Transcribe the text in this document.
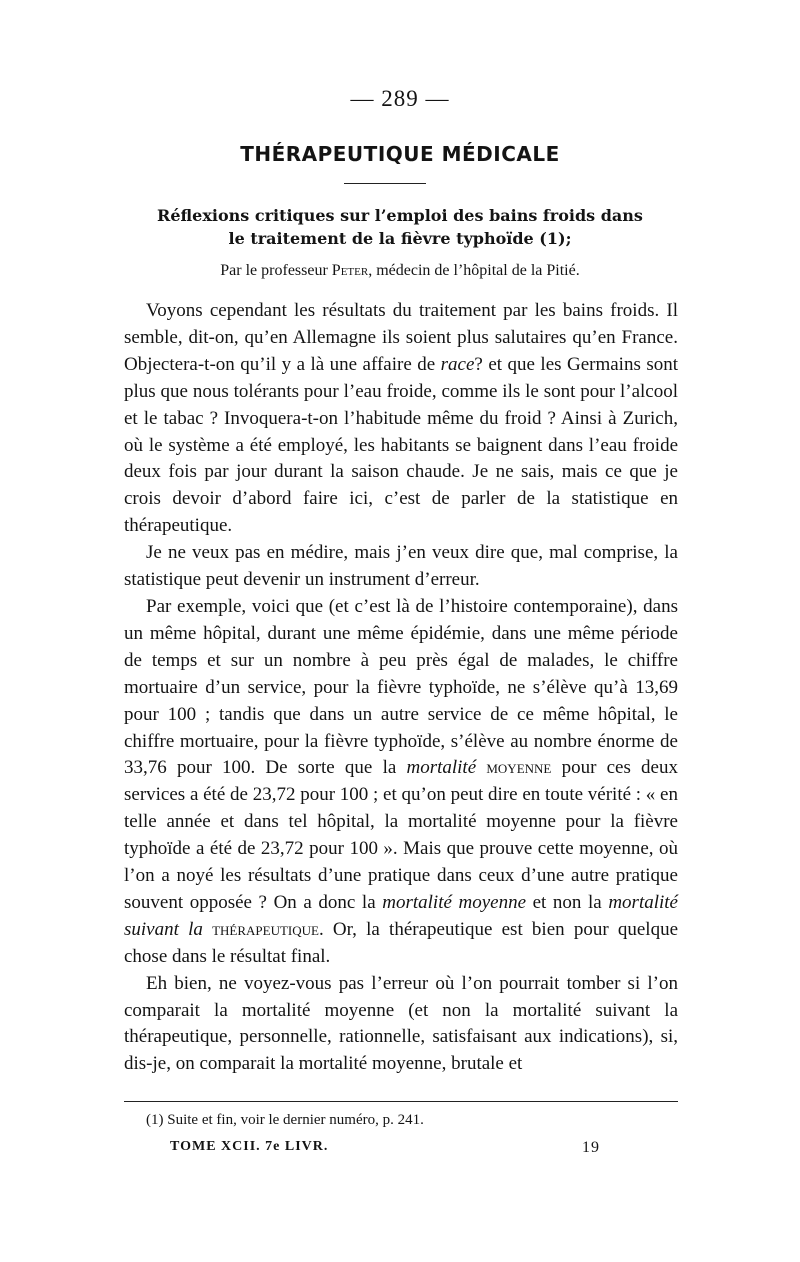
— 289 —
THÉRAPEUTIQUE MÉDICALE
Réflexions critiques sur l’emploi des bains froids dans
le traitement de la fièvre typhoïde (1);
Par le professeur Peter, médecin de l’hôpital de la Pitié.

Voyons cependant les résultats du traitement par les bains froids. Il semble, dit-on, qu’en Allemagne ils soient plus salutaires qu’en France. Objectera-t-on qu’il y a là une affaire de race? et que les Germains sont plus que nous tolérants pour l’eau froide, comme ils le sont pour l’alcool et le tabac ? Invoquera-t-on l’habitude même du froid ? Ainsi à Zurich, où le système a été employé, les habitants se baignent dans l’eau froide deux fois par jour durant la saison chaude. Je ne sais, mais ce que je crois devoir d’abord faire ici, c’est de parler de la statistique en thérapeutique.

Je ne veux pas en médire, mais j’en veux dire que, mal comprise, la statistique peut devenir un instrument d’erreur.

Par exemple, voici que (et c’est là de l’histoire contemporaine), dans un même hôpital, durant une même épidémie, dans une même période de temps et sur un nombre à peu près égal de malades, le chiffre mortuaire d’un service, pour la fièvre typhoïde, ne s’élève qu’à 13,69 pour 100 ; tandis que dans un autre service de ce même hôpital, le chiffre mortuaire, pour la fièvre typhoïde, s’élève au nombre énorme de 33,76 pour 100. De sorte que la mortalité moyenne pour ces deux services a été de 23,72 pour 100 ; et qu’on peut dire en toute vérité : « en telle année et dans tel hôpital, la mortalité moyenne pour la fièvre typhoïde a été de 23,72 pour 100 ». Mais que prouve cette moyenne, où l’on a noyé les résultats d’une pratique dans ceux d’une autre pratique souvent opposée ? On a donc la mortalité moyenne et non la mortalité suivant la thérapeutique. Or, la thérapeutique est bien pour quelque chose dans le résultat final.

Eh bien, ne voyez-vous pas l’erreur où l’on pourrait tomber si l’on comparait la mortalité moyenne (et non la mortalité suivant la thérapeutique, personnelle, rationnelle, satisfaisant aux indications), si, dis-je, on comparait la mortalité moyenne, brutale et

(1) Suite et fin, voir le dernier numéro, p. 241.
TOME XCII. 7e LIVR.	19
